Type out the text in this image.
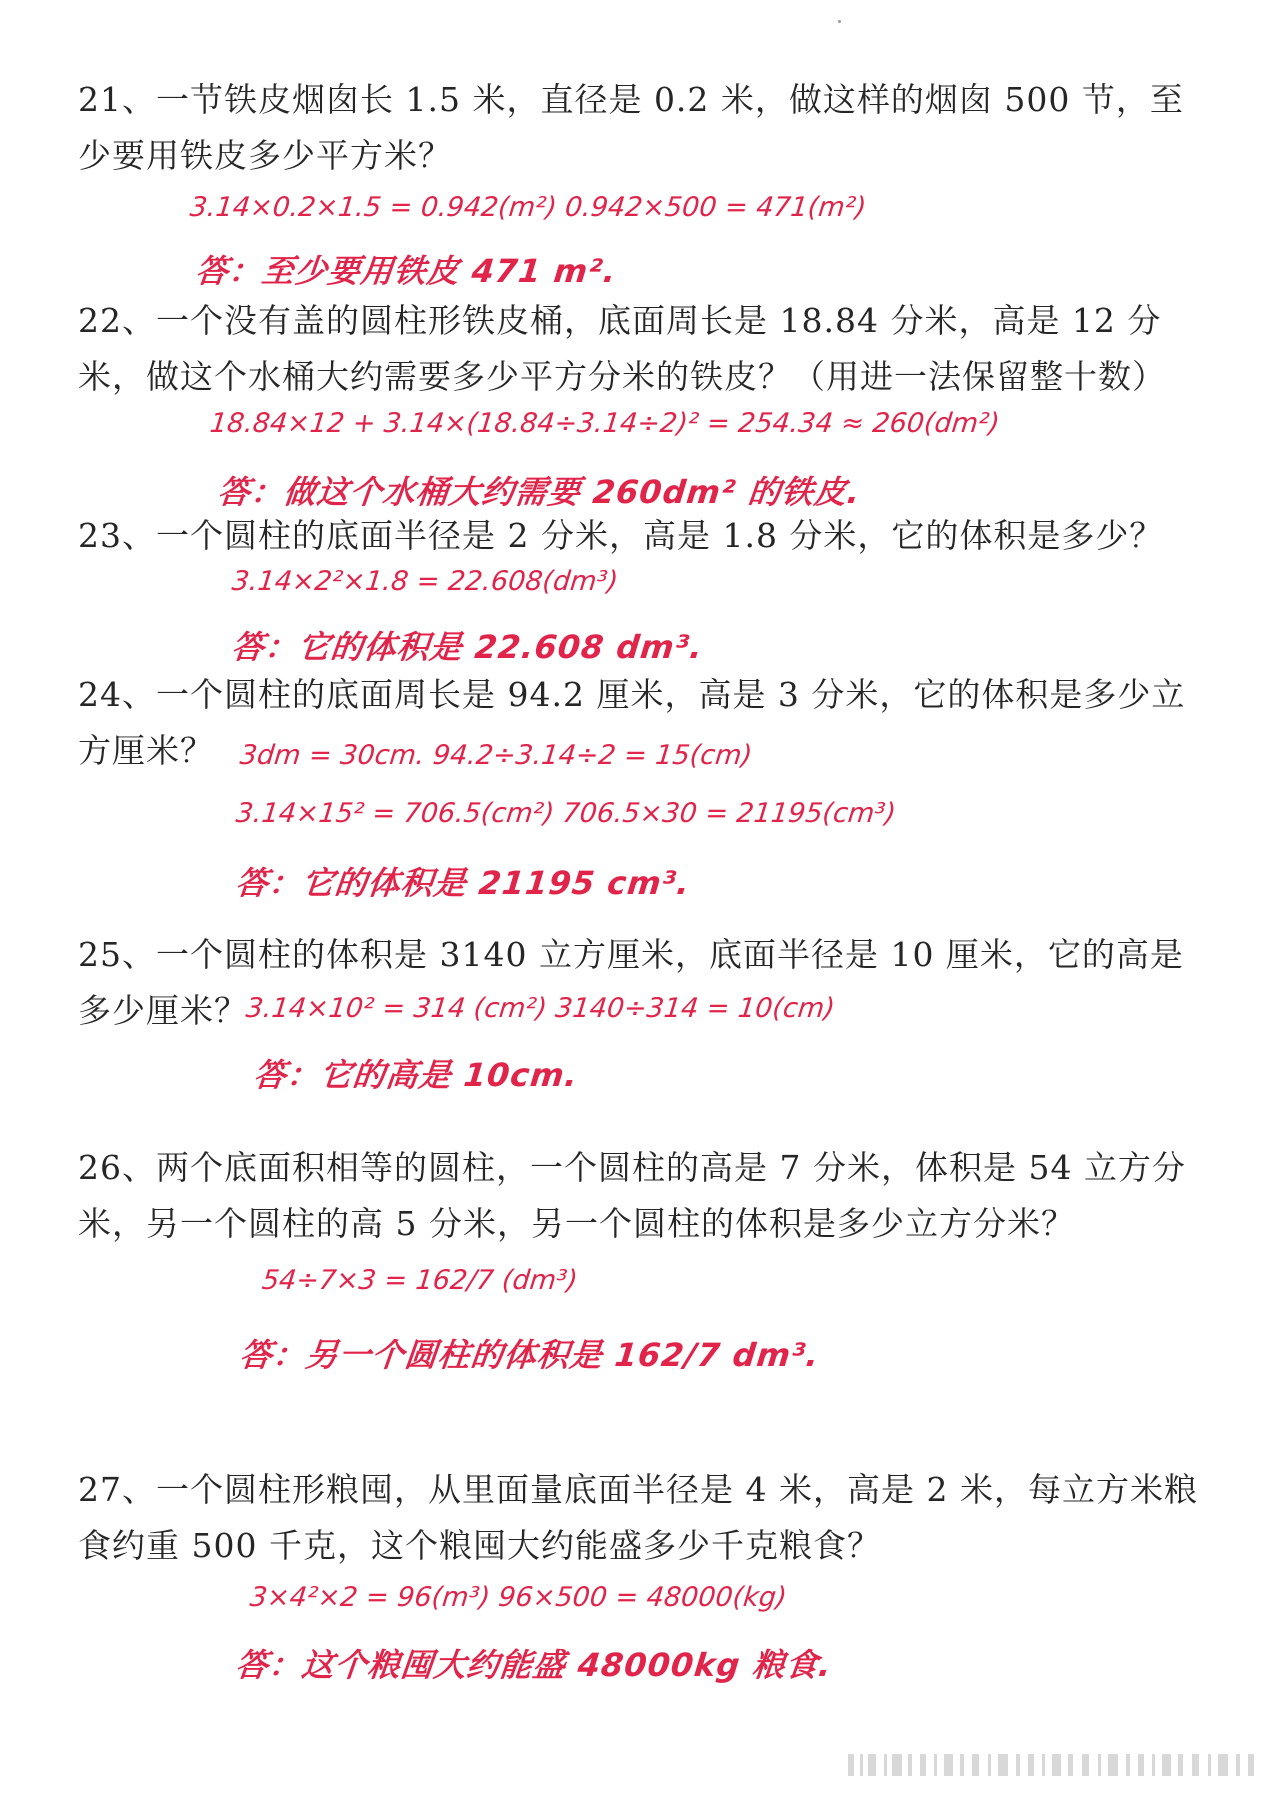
21、一节铁皮烟囱长 1.5 米，直径是 0.2 米，做这样的烟囱 500 节，至少要用铁皮多少平方米？
3.14×0.2×1.5 = 0.942(m²) 0.942×500 = 471(m²)
答：至少要用铁皮 471 m².
22、一个没有盖的圆柱形铁皮桶，底面周长是 18.84 分米，高是 12 分米，做这个水桶大约需要多少平方分米的铁皮？（用进一法保留整十数）
18.84×12 + 3.14×(18.84÷3.14÷2)² = 254.34 ≈ 260(dm²)
答：做这个水桶大约需要 260dm² 的铁皮.
23、一个圆柱的底面半径是 2 分米，高是 1.8 分米，它的体积是多少？
3.14×2²×1.8 = 22.608(dm³)
答：它的体积是 22.608 dm³.
24、一个圆柱的底面周长是 94.2 厘米，高是 3 分米，它的体积是多少立方厘米？ 3dm = 30cm. 94.2÷3.14÷2 = 15(cm)
3.14×15² = 706.5(cm²) 706.5×30 = 21195(cm³)
答：它的体积是 21195 cm³.
25、一个圆柱的体积是 3140 立方厘米，底面半径是 10 厘米，它的高是多少厘米？
3.14×10² = 314 (cm²) 3140÷314 = 10(cm)
答：它的高是 10cm.
26、两个底面积相等的圆柱，一个圆柱的高是 7 分米，体积是 54 立方分米，另一个圆柱的高 5 分米，另一个圆柱的体积是多少立方分米？
54÷7×3 = 162/7 (dm³)
答：另一个圆柱的体积是 162/7 dm³.
27、一个圆柱形粮囤，从里面量底面半径是 4 米，高是 2 米，每立方米粮食约重 500 千克，这个粮囤大约能盛多少千克粮食？
3×4²×2 = 96(m³) 96×500 = 48000(kg)
答：这个粮囤大约能盛 48000kg 粮食.
